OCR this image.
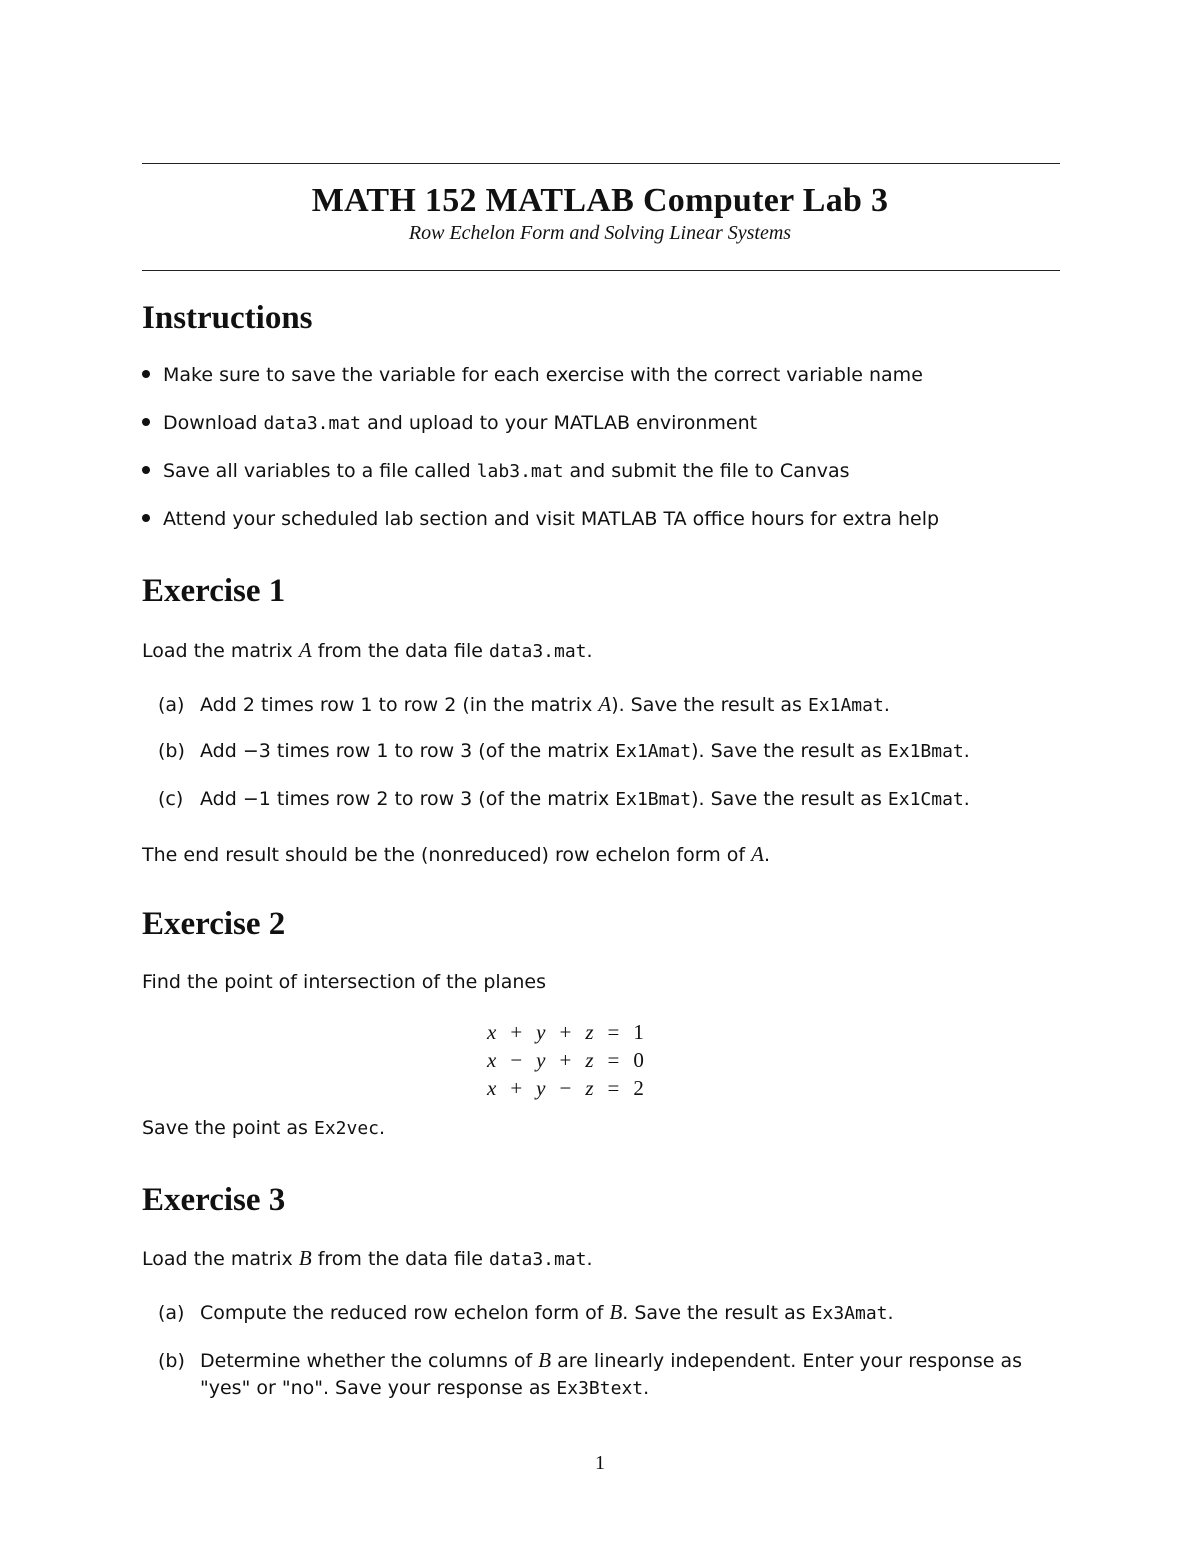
MATH 152 MATLAB Computer Lab 3
Row Echelon Form and Solving Linear Systems
Instructions
Make sure to save the variable for each exercise with the correct variable name
Download data3.mat and upload to your MATLAB environment
Save all variables to a file called lab3.mat and submit the file to Canvas
Attend your scheduled lab section and visit MATLAB TA office hours for extra help
Exercise 1
Load the matrix A from the data file data3.mat.
(a) Add 2 times row 1 to row 2 (in the matrix A). Save the result as Ex1Amat.
(b) Add −3 times row 1 to row 3 (of the matrix Ex1Amat). Save the result as Ex1Bmat.
(c) Add −1 times row 2 to row 3 (of the matrix Ex1Bmat). Save the result as Ex1Cmat.
The end result should be the (nonreduced) row echelon form of A.
Exercise 2
Find the point of intersection of the planes
x	+	y	+	z	=	1
x	−	y	+	z	=	0
x	+	y	−	z	=	2
Save the point as Ex2vec.
Exercise 3
Load the matrix B from the data file data3.mat.
(a) Compute the reduced row echelon form of B. Save the result as Ex3Amat.
(b) Determine whether the columns of B are linearly independent. Enter your response as
"yes" or "no". Save your response as Ex3Btext.
1
